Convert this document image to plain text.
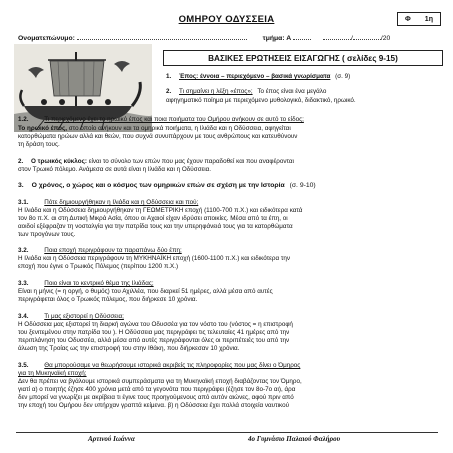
ΟΜΗΡΟΥ ΟΔΥΣΣΕΙΑ	Φ 1η
Ονοματεπώνυμο:	τμήμα: Α	/	/20
ΒΑΣΙΚΕΣ ΕΡΩΤΗΣΕΙΣ ΕΙΣΑΓΩΓΗΣ ( σελίδες 9-15)
1. Έπος: έννοια – περιεχόμενο – βασικά γνωρίσματα (σ. 9)
2. Τι σημαίνει η λέξη «έπος»; Το έπος είναι ένα μεγάλο
αφηγηματικό ποίημα με περιεχόμενο μυθολογικό, διδακτικό, ηρωικό.
1.2.	Τι περιεχόμενο έχει το ηρωικό έπος και ποια ποιήματα του Ομήρου ανήκουν σε αυτό το είδος;
Το ηρωικό έπος, στο οποίο ανήκουν και τα ομηρικά ποιήματα, η Ιλιάδα και η Οδύσσεια, αφηγείται
κατορθώματα ηρώων αλλά και θεών, που συχνά συνυπάρχουν με τους ανθρώπους και κατευθύνουν
τη δράση τους.
2. Ο τρωικός κύκλος: είναι το σύνολο των επών που μας έχουν παραδοθεί και που αναφέρονται
στον Τρωικό πόλεμο. Ανάμεσα σε αυτά είναι η Ιλιάδα και η Οδύσσεια.
3. Ο χρόνος, ο χώρος και ο κόσμος των ομηρικών επών σε σχέση με την Ιστορία (σ. 9-10)
3.1.	Πότε δημιουργήθηκαν η Ιλιάδα και η Οδύσσεια και πού;
Η Ιλιάδα και η Οδύσσεια δημιουργήθηκαν τη ΓΕΩΜΕΤΡΙΚΗ εποχή (1100-700 π.Χ.) και ειδικότερα κατά
τον 8ο π.Χ. αι στη Δυτική Μικρά Ασία, όπου οι Αχαιοί είχαν ιδρύσει αποικίες. Μέσα από τα έπη, οι
αοιδοί εξέφραζαν τη νοσταλγία για την πατρίδα τους και την υπερηφάνειά τους για τα κατορθώματα
των προγόνων τους.
3.2.	Ποια εποχή περιγράφουν τα παραπάνω δύο έπη;
Η Ιλιάδα και η Οδύσσεια περιγράφουν τη ΜΥΚΗΝΑΪΚΗ εποχή (1600-1100 π.Χ.) και ειδικότερα την
εποχή που έγινε ο Τρωικός Πόλεμος (περίπου 1200 π.Χ.)
3.3.	Ποιο είναι το κεντρικό θέμα της Ιλιάδας;
Είναι η μήνις (= η οργή, ο θυμός) του Αχιλλέα, που διαρκεί 51 ημέρες, αλλά μέσα από αυτές
περιγράφεται όλος ο Τρωικός πόλεμος, που διήρκεσε 10 χρόνια.
3.4.	Τι μας εξιστορεί η Οδύσσεια;
Η Οδύσσεια μας εξιστορεί τη διαρκή αγώνα του Οδυσσέα για τον νόστο του (νόστος = η επιστροφή
του ξενιτεμένου στην πατρίδα του ). Η Οδύσσεια μας περιγράφει τις τελευταίες 41 ημέρες από την
περιπλάνηση του Οδυσσέα, αλλά μέσα από αυτές περιγράφονται όλες οι περιπέτειές του από την
άλωση της Τροίας ως την επιστροφή του στην Ιθάκη, που διήρκεσαν 10 χρόνια.
3.5.	Θα μπορούσαμε να θεωρήσουμε ιστορικά ακριβείς τις πληροφορίες που μας δίνει ο Όμηρος
για τη Μυκηναϊκή εποχή;
Δεν θα πρέπει να βγάλουμε ιστορικά συμπεράσματα για τη Μυκηναϊκή εποχή διαβάζοντας τον Όμηρο,
γιατί α) ο ποιητής έζησε 400 χρόνια μετά από τα γεγονότα που περιγράφει (έζησε τον 8ο-7ο αι), άρα
δεν μπορεί να γνωρίζει με ακρίβεια τι έγινε τους προηγούμενους από αυτόν αιώνες, αφού πριν από
την εποχή του Ομήρου δεν υπήρχαν γραπτά κείμενα. β) η Οδύσσεια έχει πολλά στοιχεία ναυτικού
Αρτινού Ιωάννα	4ο Γυμνάσιο Παλαιού Φαλήρου
